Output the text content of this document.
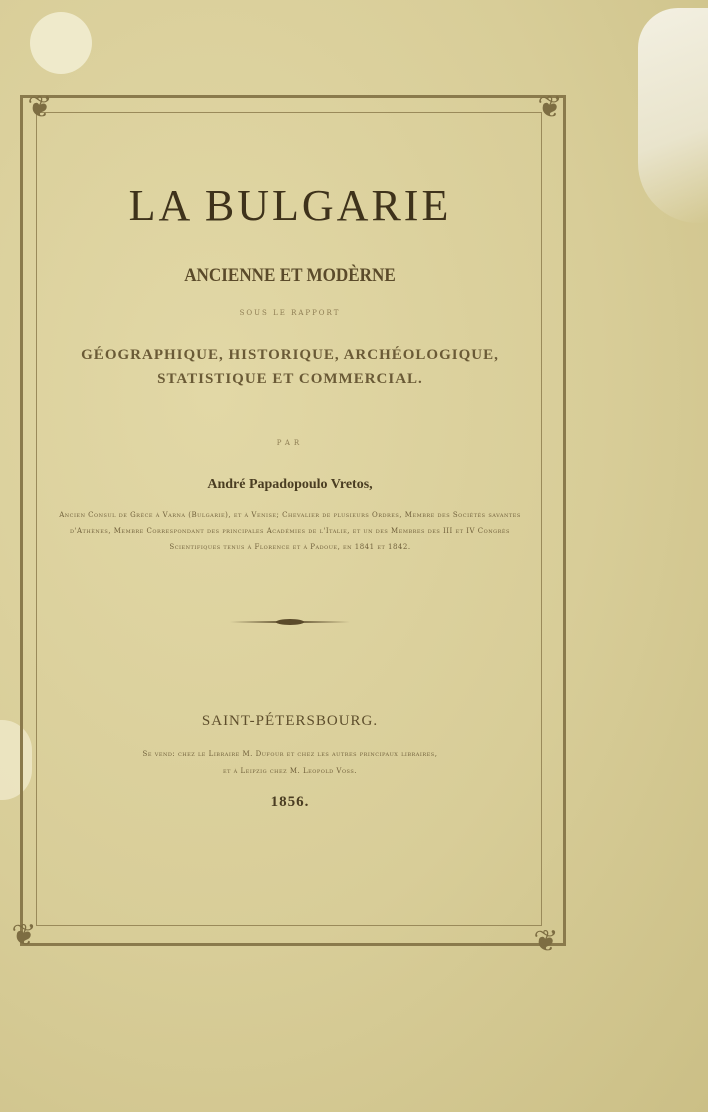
❦	❦
❦	❦
LA BULGARIE
ANCIENNE ET MODÈRNE
SOUS LE RAPPORT
GÉOGRAPHIQUE, HISTORIQUE, ARCHÉOLOGIQUE,
STATISTIQUE ET COMMERCIAL.
PAR
André Papadopoulo Vretos,
Ancien Consul de Grèce à Varna (Bulgarie), et à Venise; Chevalier de plusieurs Ordres, Membre des Sociétés savantes d'Athènes, Membre Correspondant des principales Académies de l'Italie, et un des Membres des III et IV Congrès Scientifiques tenus à Florence et à Padoue, en 1841 et 1842.
SAINT-PÉTERSBOURG.
Se vend: chez le Libraire M. Dufour et chez les autres principaux libraires,
et à Leipzig chez M. Leopold Voss.
1856.
